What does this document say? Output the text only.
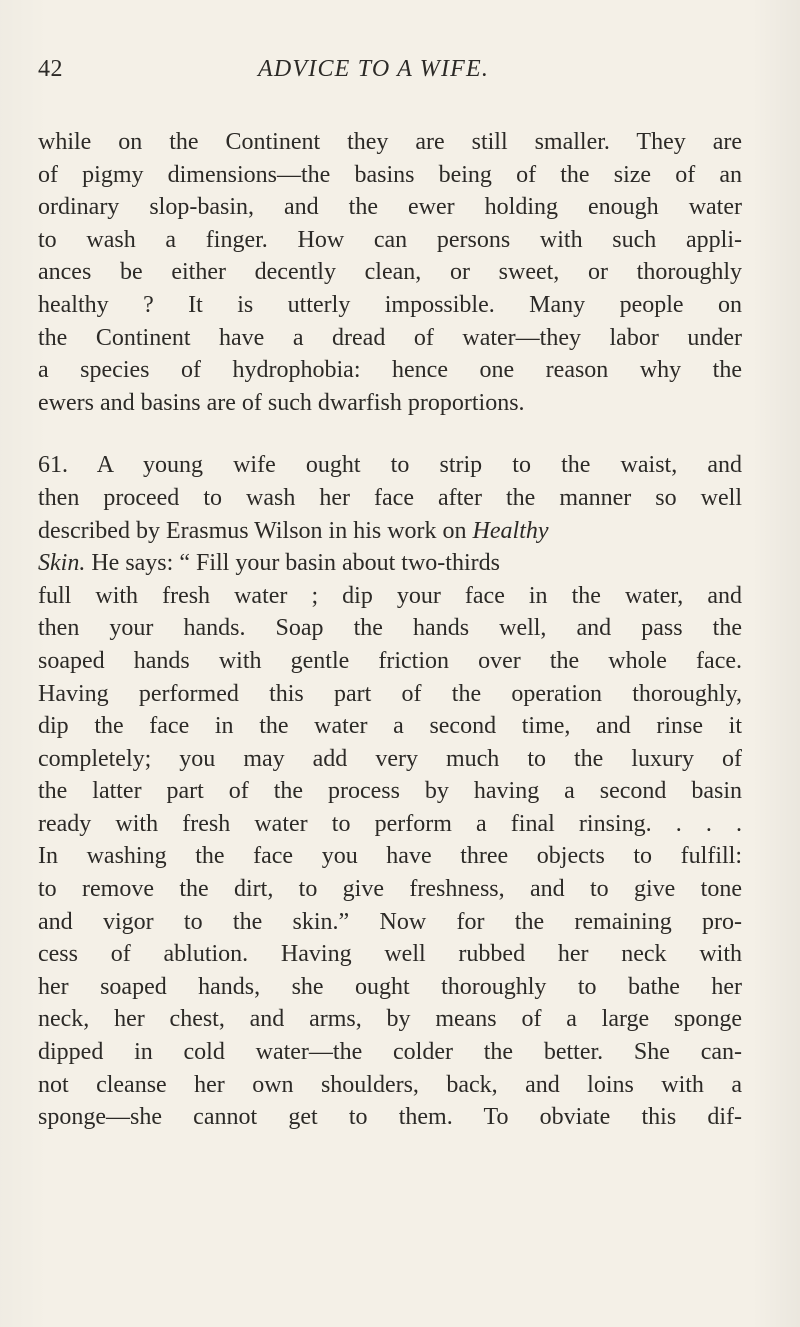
42	ADVICE TO A WIFE.
while on the Continent they are still smaller. They are
of pigmy dimensions—the basins being of the size of an
ordinary slop-basin, and the ewer holding enough water
to wash a finger. How can persons with such appli-
ances be either decently clean, or sweet, or thoroughly
healthy ? It is utterly impossible. Many people on
the Continent have a dread of water—they labor under
a species of hydrophobia: hence one reason why the
ewers and basins are of such dwarfish proportions.
61. A young wife ought to strip to the waist, and
then proceed to wash her face after the manner so well
described by Erasmus Wilson in his work on Healthy
Skin. He says: “ Fill your basin about two-thirds
full with fresh water ; dip your face in the water, and
then your hands. Soap the hands well, and pass the
soaped hands with gentle friction over the whole face.
Having performed this part of the operation thoroughly,
dip the face in the water a second time, and rinse it
completely; you may add very much to the luxury of
the latter part of the process by having a second basin
ready with fresh water to perform a final rinsing. . . .
In washing the face you have three objects to fulfill:
to remove the dirt, to give freshness, and to give tone
and vigor to the skin.” Now for the remaining pro-
cess of ablution. Having well rubbed her neck with
her soaped hands, she ought thoroughly to bathe her
neck, her chest, and arms, by means of a large sponge
dipped in cold water—the colder the better. She can-
not cleanse her own shoulders, back, and loins with a
sponge—she cannot get to them. To obviate this dif-
